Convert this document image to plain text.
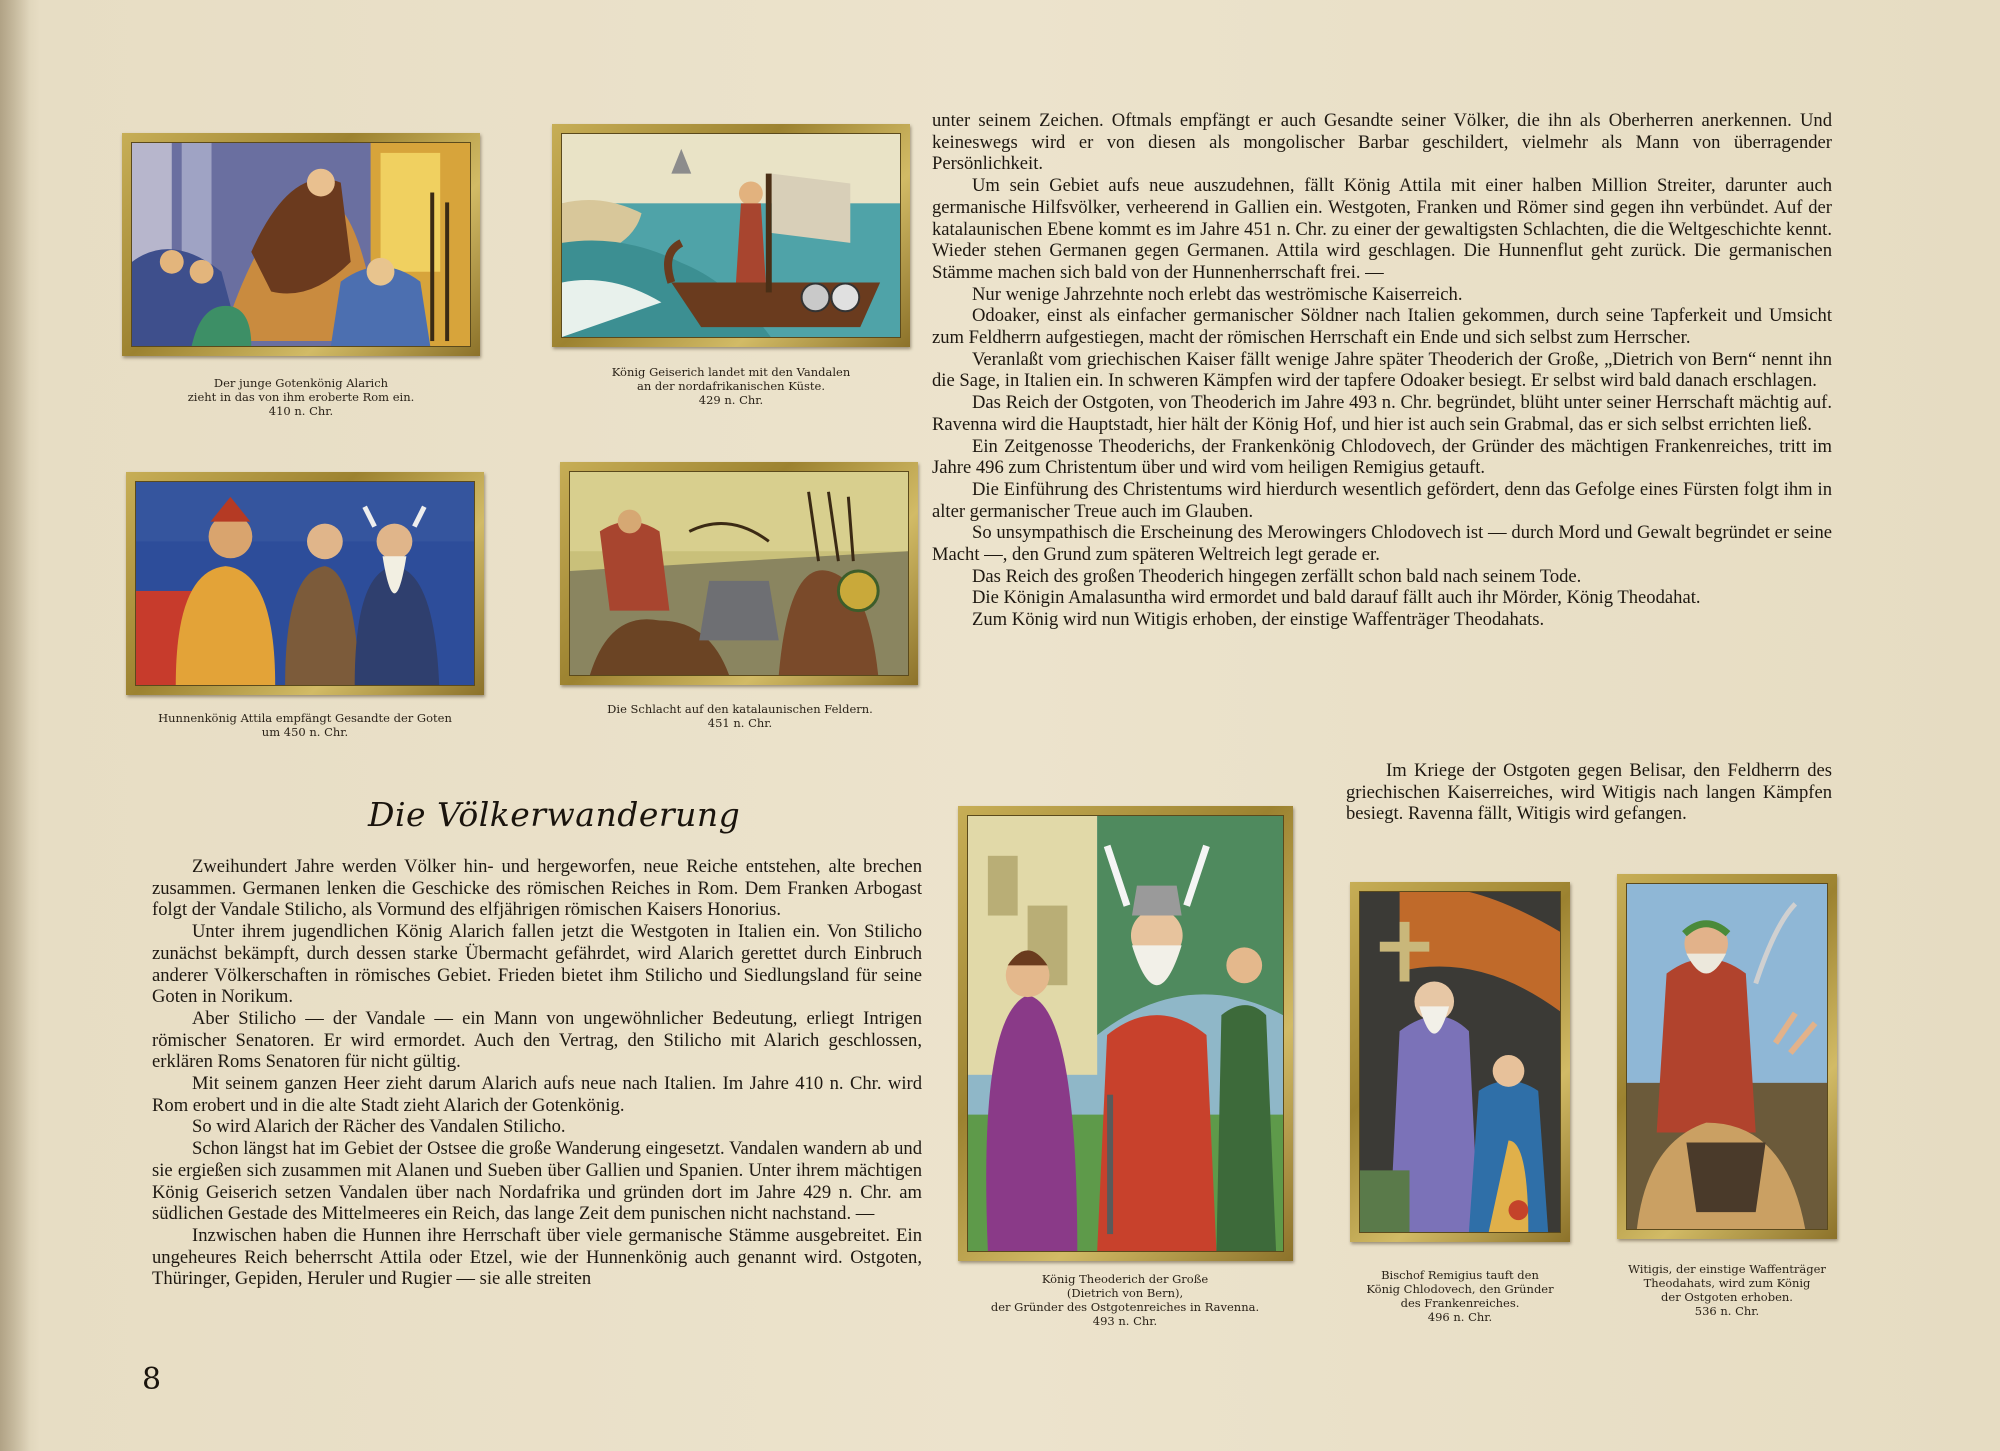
Der junge Gotenkönig Alarich
zieht in das von ihm eroberte Rom ein.
410 n. Chr.
König Geiserich landet mit den Vandalen
an der nordafrikanischen Küste.
429 n. Chr.
Hunnenkönig Attila empfängt Gesandte der Goten
um 450 n. Chr.
Die Schlacht auf den katalaunischen Feldern.
451 n. Chr.
König Theoderich der Große
(Dietrich von Bern),
der Gründer des Ostgotenreiches in Ravenna.
493 n. Chr.
Bischof Remigius tauft den
König Chlodovech, den Gründer
des Frankenreiches.
496 n. Chr.
Witigis, der einstige Waffenträger
Theodahats, wird zum König
der Ostgoten erhoben.
536 n. Chr.
Die Völkerwanderung

Zweihundert Jahre werden Völker hin- und hergeworfen, neue Reiche entstehen, alte brechen zusammen. Germanen lenken die Geschicke des römischen Reiches in Rom. Dem Franken Arbogast folgt der Vandale Stilicho, als Vormund des elfjährigen römischen Kaisers Honorius.

Unter ihrem jugendlichen König Alarich fallen jetzt die Westgoten in Italien ein. Von Stilicho zunächst bekämpft, durch dessen starke Übermacht gefährdet, wird Alarich gerettet durch Einbruch anderer Völkerschaften in römisches Gebiet. Frieden bietet ihm Stilicho und Siedlungsland für seine Goten in Norikum.

Aber Stilicho — der Vandale — ein Mann von ungewöhnlicher Bedeutung, erliegt Intrigen römischer Senatoren. Er wird ermordet. Auch den Vertrag, den Stilicho mit Alarich geschlossen, erklären Roms Senatoren für nicht gültig.

Mit seinem ganzen Heer zieht darum Alarich aufs neue nach Italien. Im Jahre 410 n. Chr. wird Rom erobert und in die alte Stadt zieht Alarich der Gotenkönig.

So wird Alarich der Rächer des Vandalen Stilicho.

Schon längst hat im Gebiet der Ostsee die große Wanderung eingesetzt. Vandalen wandern ab und sie ergießen sich zusammen mit Alanen und Sueben über Gallien und Spanien. Unter ihrem mächtigen König Geiserich setzen Vandalen über nach Nordafrika und gründen dort im Jahre 429 n. Chr. am südlichen Gestade des Mittelmeeres ein Reich, das lange Zeit dem punischen nicht nachstand. —

Inzwischen haben die Hunnen ihre Herrschaft über viele germanische Stämme ausgebreitet. Ein ungeheures Reich beherrscht Attila oder Etzel, wie der Hunnenkönig auch genannt wird. Ostgoten, Thüringer, Gepiden, Heruler und Rugier — sie alle streiten

unter seinem Zeichen. Oftmals empfängt er auch Gesandte seiner Völker, die ihn als Oberherren anerkennen. Und keineswegs wird er von diesen als mongolischer Barbar geschildert, vielmehr als Mann von überragender Persönlichkeit.

Um sein Gebiet aufs neue auszudehnen, fällt König Attila mit einer halben Million Streiter, darunter auch germanische Hilfsvölker, verheerend in Gallien ein. Westgoten, Franken und Römer sind gegen ihn verbündet. Auf der katalaunischen Ebene kommt es im Jahre 451 n. Chr. zu einer der gewaltigsten Schlachten, die die Weltgeschichte kennt. Wieder stehen Germanen gegen Germanen. Attila wird geschlagen. Die Hunnenflut geht zurück. Die germanischen Stämme machen sich bald von der Hunnenherrschaft frei. —

Nur wenige Jahrzehnte noch erlebt das weströmische Kaiserreich.

Odoaker, einst als einfacher germanischer Söldner nach Italien gekommen, durch seine Tapferkeit und Umsicht zum Feldherrn aufgestiegen, macht der römischen Herrschaft ein Ende und sich selbst zum Herrscher.

Veranlaßt vom griechischen Kaiser fällt wenige Jahre später Theoderich der Große, „Dietrich von Bern“ nennt ihn die Sage, in Italien ein. In schweren Kämpfen wird der tapfere Odoaker besiegt. Er selbst wird bald danach erschlagen.

Das Reich der Ostgoten, von Theoderich im Jahre 493 n. Chr. begründet, blüht unter seiner Herrschaft mächtig auf. Ravenna wird die Hauptstadt, hier hält der König Hof, und hier ist auch sein Grabmal, das er sich selbst errichten ließ.

Ein Zeitgenosse Theoderichs, der Frankenkönig Chlodovech, der Gründer des mächtigen Frankenreiches, tritt im Jahre 496 zum Christentum über und wird vom heiligen Remigius getauft.

Die Einführung des Christentums wird hierdurch wesentlich gefördert, denn das Gefolge eines Fürsten folgt ihm in alter germanischer Treue auch im Glauben.

So unsympathisch die Erscheinung des Merowingers Chlodovech ist — durch Mord und Gewalt begründet er seine Macht —, den Grund zum späteren Weltreich legt gerade er.

Das Reich des großen Theoderich hingegen zerfällt schon bald nach seinem Tode.

Die Königin Amalasuntha wird ermordet und bald darauf fällt auch ihr Mörder, König Theodahat.

Zum König wird nun Witigis erhoben, der einstige Waffenträger Theodahats.

Im Kriege der Ostgoten gegen Belisar, den Feldherrn des griechischen Kaiserreiches, wird Witigis nach langen Kämpfen besiegt. Ravenna fällt, Witigis wird gefangen.

8
